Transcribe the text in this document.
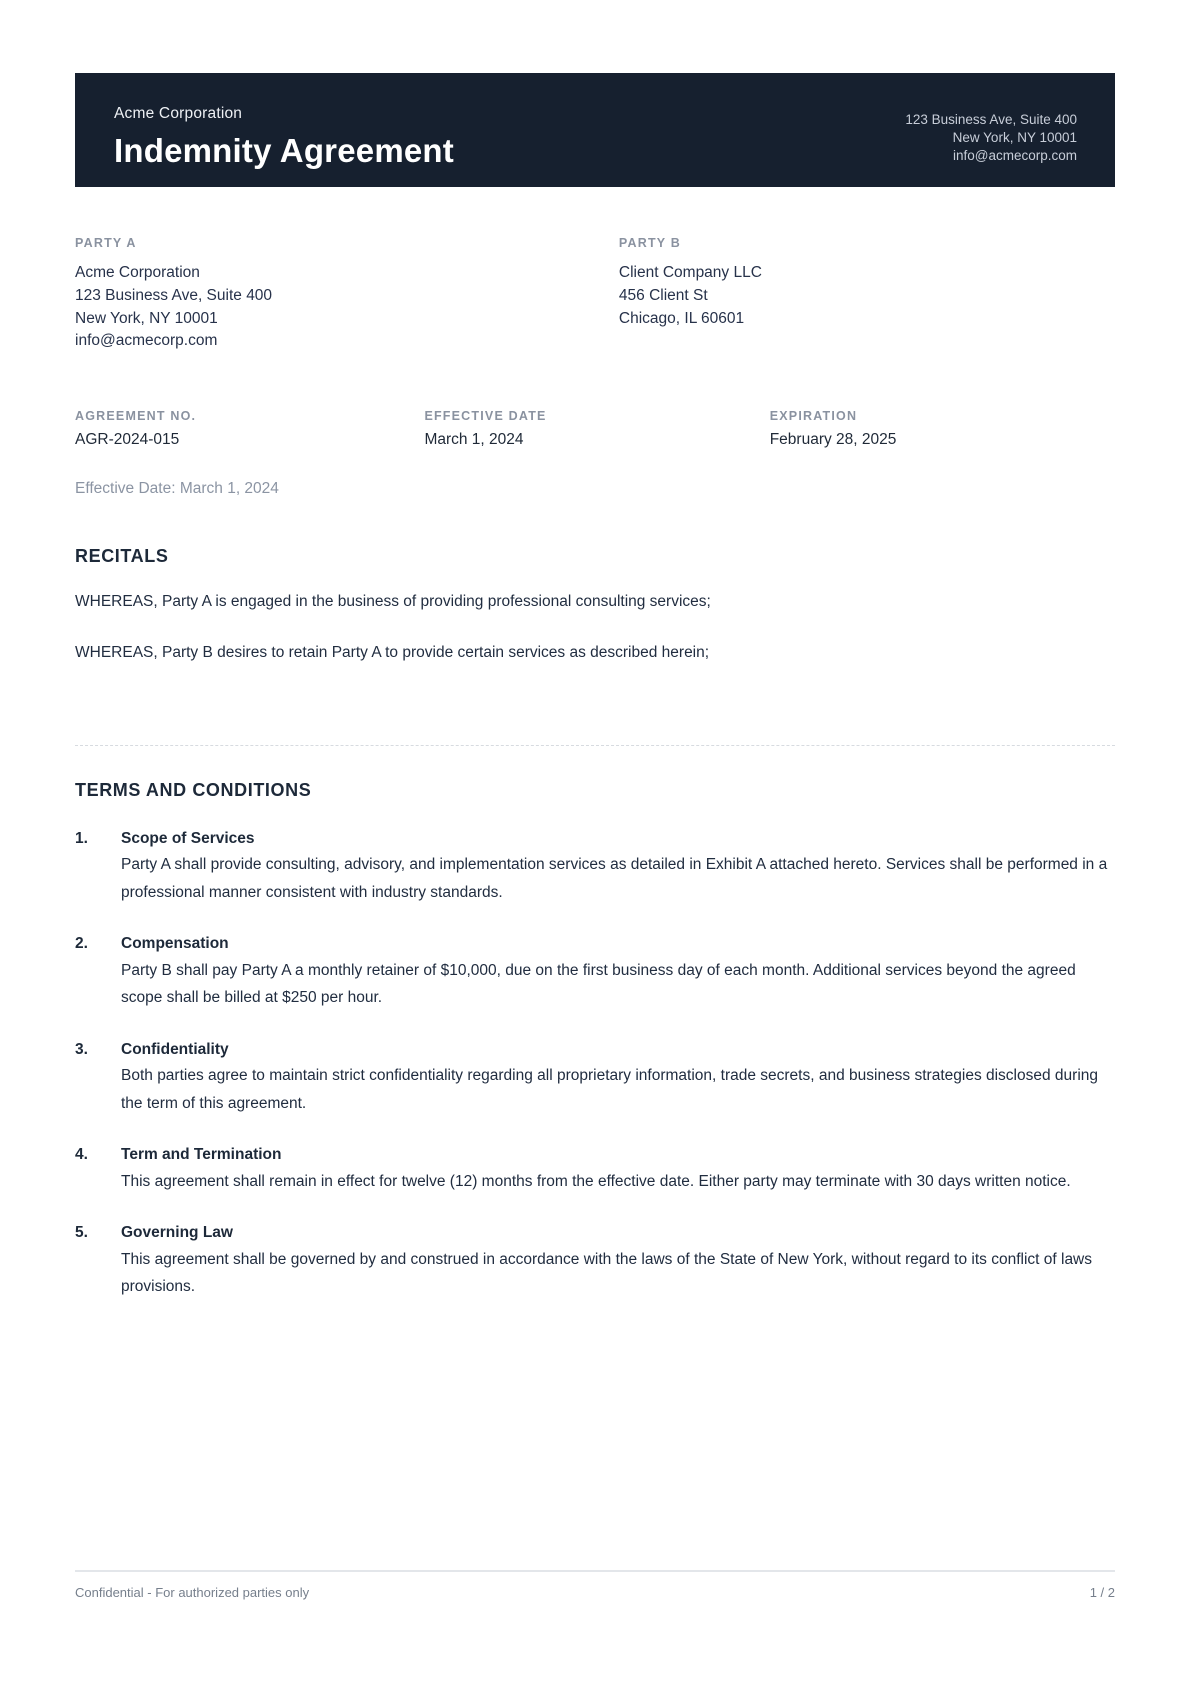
Acme Corporation
Indemnity Agreement
123 Business Ave, Suite 400
New York, NY 10001
info@acmecorp.com
PARTY A
Acme Corporation
123 Business Ave, Suite 400
New York, NY 10001
info@acmecorp.com
PARTY B
Client Company LLC
456 Client St
Chicago, IL 60601
AGREEMENT NO.
AGR-2024-015
EFFECTIVE DATE
March 1, 2024
EXPIRATION
February 28, 2025
Effective Date: March 1, 2024
RECITALS

WHEREAS, Party A is engaged in the business of providing professional consulting services;

WHEREAS, Party B desires to retain Party A to provide certain services as described herein;

TERMS AND CONDITIONS
1.	Scope of Services
Party A shall provide consulting, advisory, and implementation services as detailed in Exhibit A attached hereto. Services shall be performed in a professional manner consistent with industry standards.
2.	Compensation
Party B shall pay Party A a monthly retainer of $10,000, due on the first business day of each month. Additional services beyond the agreed scope shall be billed at $250 per hour.
3.	Confidentiality
Both parties agree to maintain strict confidentiality regarding all proprietary information, trade secrets, and business strategies disclosed during the term of this agreement.
4.	Term and Termination
This agreement shall remain in effect for twelve (12) months from the effective date. Either party may terminate with 30 days written notice.
5.	Governing Law
This agreement shall be governed by and construed in accordance with the laws of the State of New York, without regard to its conflict of laws provisions.
Confidential - For authorized parties only	1 / 2
